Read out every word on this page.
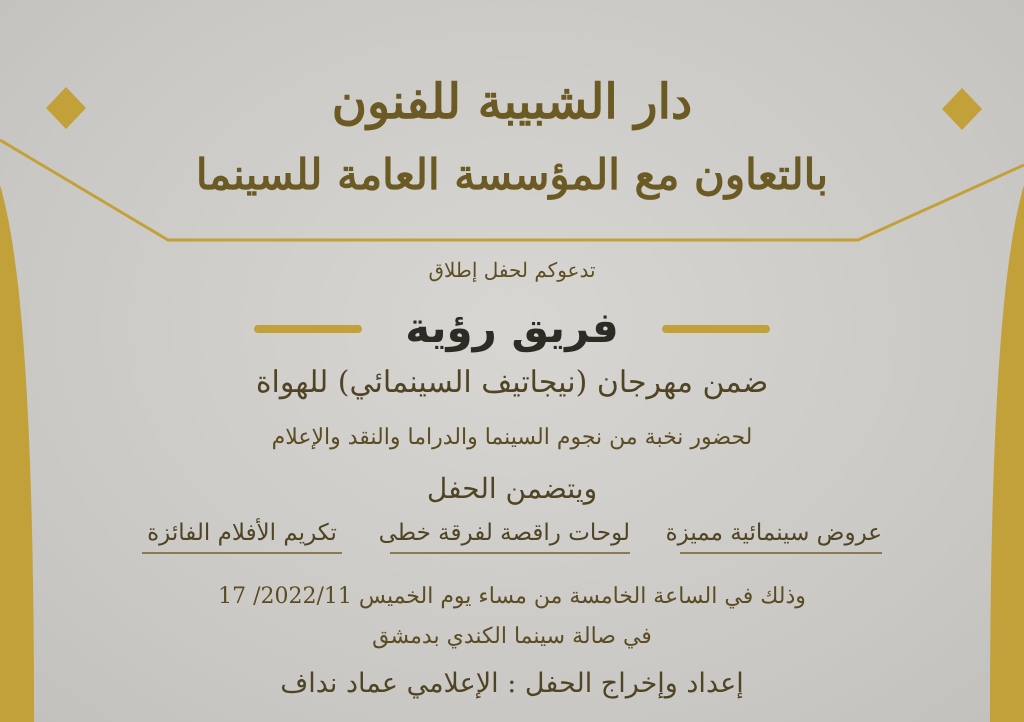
دار الشبيبة للفنون
بالتعاون مع المؤسسة العامة للسينما
تدعوكم لحفل إطلاق
فريق رؤية
ضمن مهرجان (نيجاتيف السينمائي) للهواة
لحضور نخبة من نجوم السينما والدراما والنقد والإعلام
ويتضمن الحفل
عروض سينمائية مميزة
لوحات راقصة لفرقة خطى
تكريم الأفلام الفائزة
وذلك في الساعة الخامسة من مساء يوم الخميس 2022/11/ 17
في صالة سينما الكندي بدمشق
إعداد وإخراج الحفل : الإعلامي عماد نداف
